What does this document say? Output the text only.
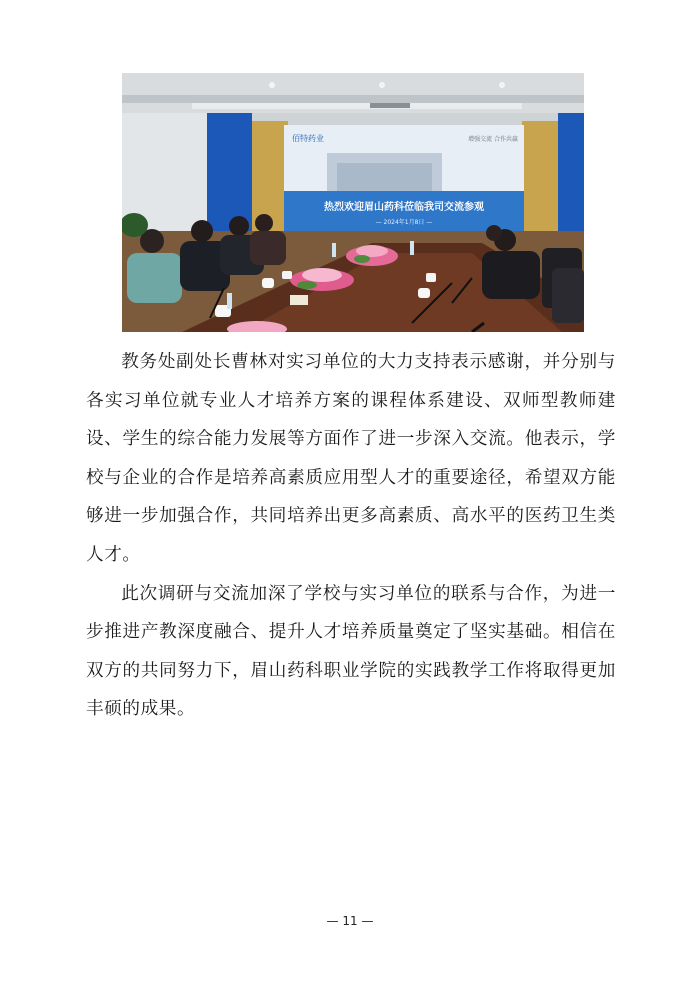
佰特药业	增强交流 合作共赢
热烈欢迎眉山药科莅临我司交流参观
— 2024年1月8日 —

教务处副处长曹林对实习单位的大力支持表示感谢，并分别与各实习单位就专业人才培养方案的课程体系建设、双师型教师建设、学生的综合能力发展等方面作了进一步深入交流。他表示，学校与企业的合作是培养高素质应用型人才的重要途径，希望双方能够进一步加强合作，共同培养出更多高素质、高水平的医药卫生类人才。

此次调研与交流加深了学校与实习单位的联系与合作，为进一步推进产教深度融合、提升人才培养质量奠定了坚实基础。相信在双方的共同努力下，眉山药科职业学院的实践教学工作将取得更加丰硕的成果。

— 11 —
